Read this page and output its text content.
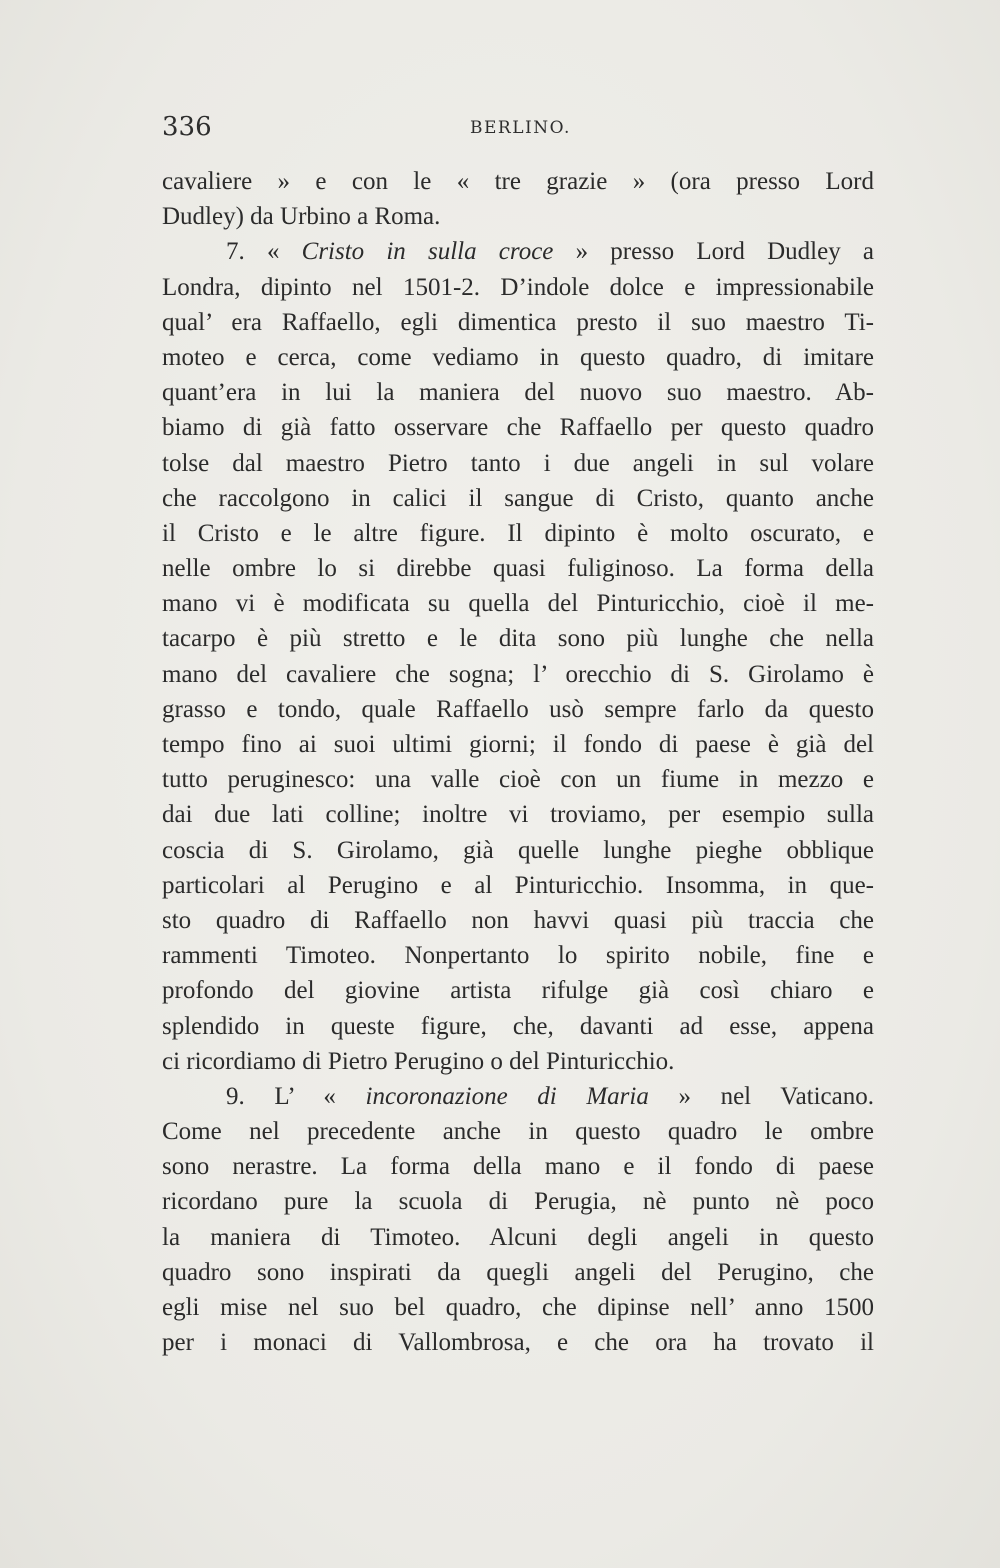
336	BERLINO.
cavaliere » e con le « tre grazie » (ora presso Lord
Dudley) da Urbino a Roma.
7. « Cristo in sulla croce » presso Lord Dudley a
Londra, dipinto nel 1501-2. D’indole dolce e impressionabile
qual’ era Raffaello, egli dimentica presto il suo maestro Ti-
moteo e cerca, come vediamo in questo quadro, di imitare
quant’era in lui la maniera del nuovo suo maestro. Ab-
biamo di già fatto osservare che Raffaello per questo quadro
tolse dal maestro Pietro tanto i due angeli in sul volare
che raccolgono in calici il sangue di Cristo, quanto anche
il Cristo e le altre figure. Il dipinto è molto oscurato, e
nelle ombre lo si direbbe quasi fuliginoso. La forma della
mano vi è modificata su quella del Pinturicchio, cioè il me-
tacarpo è più stretto e le dita sono più lunghe che nella
mano del cavaliere che sogna; l’ orecchio di S. Girolamo è
grasso e tondo, quale Raffaello usò sempre farlo da questo
tempo fino ai suoi ultimi giorni; il fondo di paese è già del
tutto peruginesco: una valle cioè con un fiume in mezzo e
dai due lati colline; inoltre vi troviamo, per esempio sulla
coscia di S. Girolamo, già quelle lunghe pieghe obblique
particolari al Perugino e al Pinturicchio. Insomma, in que-
sto quadro di Raffaello non havvi quasi più traccia che
rammenti Timoteo. Nonpertanto lo spirito nobile, fine e
profondo del giovine artista rifulge già così chiaro e
splendido in queste figure, che, davanti ad esse, appena
ci ricordiamo di Pietro Perugino o del Pinturicchio.
9. L’ « incoronazione di Maria » nel Vaticano.
Come nel precedente anche in questo quadro le ombre
sono nerastre. La forma della mano e il fondo di paese
ricordano pure la scuola di Perugia, nè punto nè poco
la maniera di Timoteo. Alcuni degli angeli in questo
quadro sono inspirati da quegli angeli del Perugino, che
egli mise nel suo bel quadro, che dipinse nell’ anno 1500
per i monaci di Vallombrosa, e che ora ha trovato il
